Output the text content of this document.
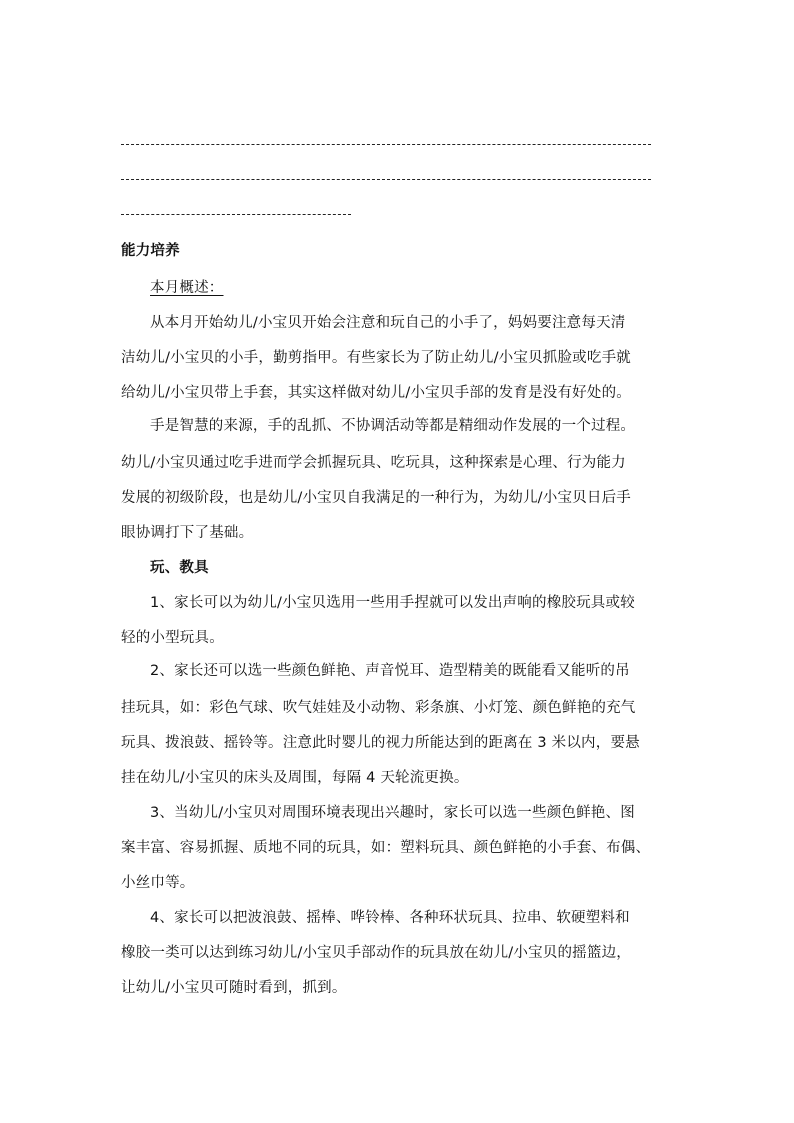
能力培养
本月概述：
从本月开始幼儿/小宝贝开始会注意和玩自己的小手了，妈妈要注意每天清
洁幼儿/小宝贝的小手，勤剪指甲。有些家长为了防止幼儿/小宝贝抓脸或吃手就
给幼儿/小宝贝带上手套，其实这样做对幼儿/小宝贝手部的发育是没有好处的。
手是智慧的来源，手的乱抓、不协调活动等都是精细动作发展的一个过程。
幼儿/小宝贝通过吃手进而学会抓握玩具、吃玩具，这种探索是心理、行为能力
发展的初级阶段，也是幼儿/小宝贝自我满足的一种行为，为幼儿/小宝贝日后手
眼协调打下了基础。
玩、教具
1、家长可以为幼儿/小宝贝选用一些用手捏就可以发出声响的橡胶玩具或较
轻的小型玩具。
2、家长还可以选一些颜色鲜艳、声音悦耳、造型精美的既能看又能听的吊
挂玩具，如：彩色气球、吹气娃娃及小动物、彩条旗、小灯笼、颜色鲜艳的充气
玩具、拨浪鼓、摇铃等。注意此时婴儿的视力所能达到的距离在 3 米以内，要悬
挂在幼儿/小宝贝的床头及周围，每隔 4 天轮流更换。
3、当幼儿/小宝贝对周围环境表现出兴趣时，家长可以选一些颜色鲜艳、图
案丰富、容易抓握、质地不同的玩具，如：塑料玩具、颜色鲜艳的小手套、布偶、
小丝巾等。
4、家长可以把波浪鼓、摇棒、哗铃棒、各种环状玩具、拉串、软硬塑料和
橡胶一类可以达到练习幼儿/小宝贝手部动作的玩具放在幼儿/小宝贝的摇篮边，
让幼儿/小宝贝可随时看到，抓到。
